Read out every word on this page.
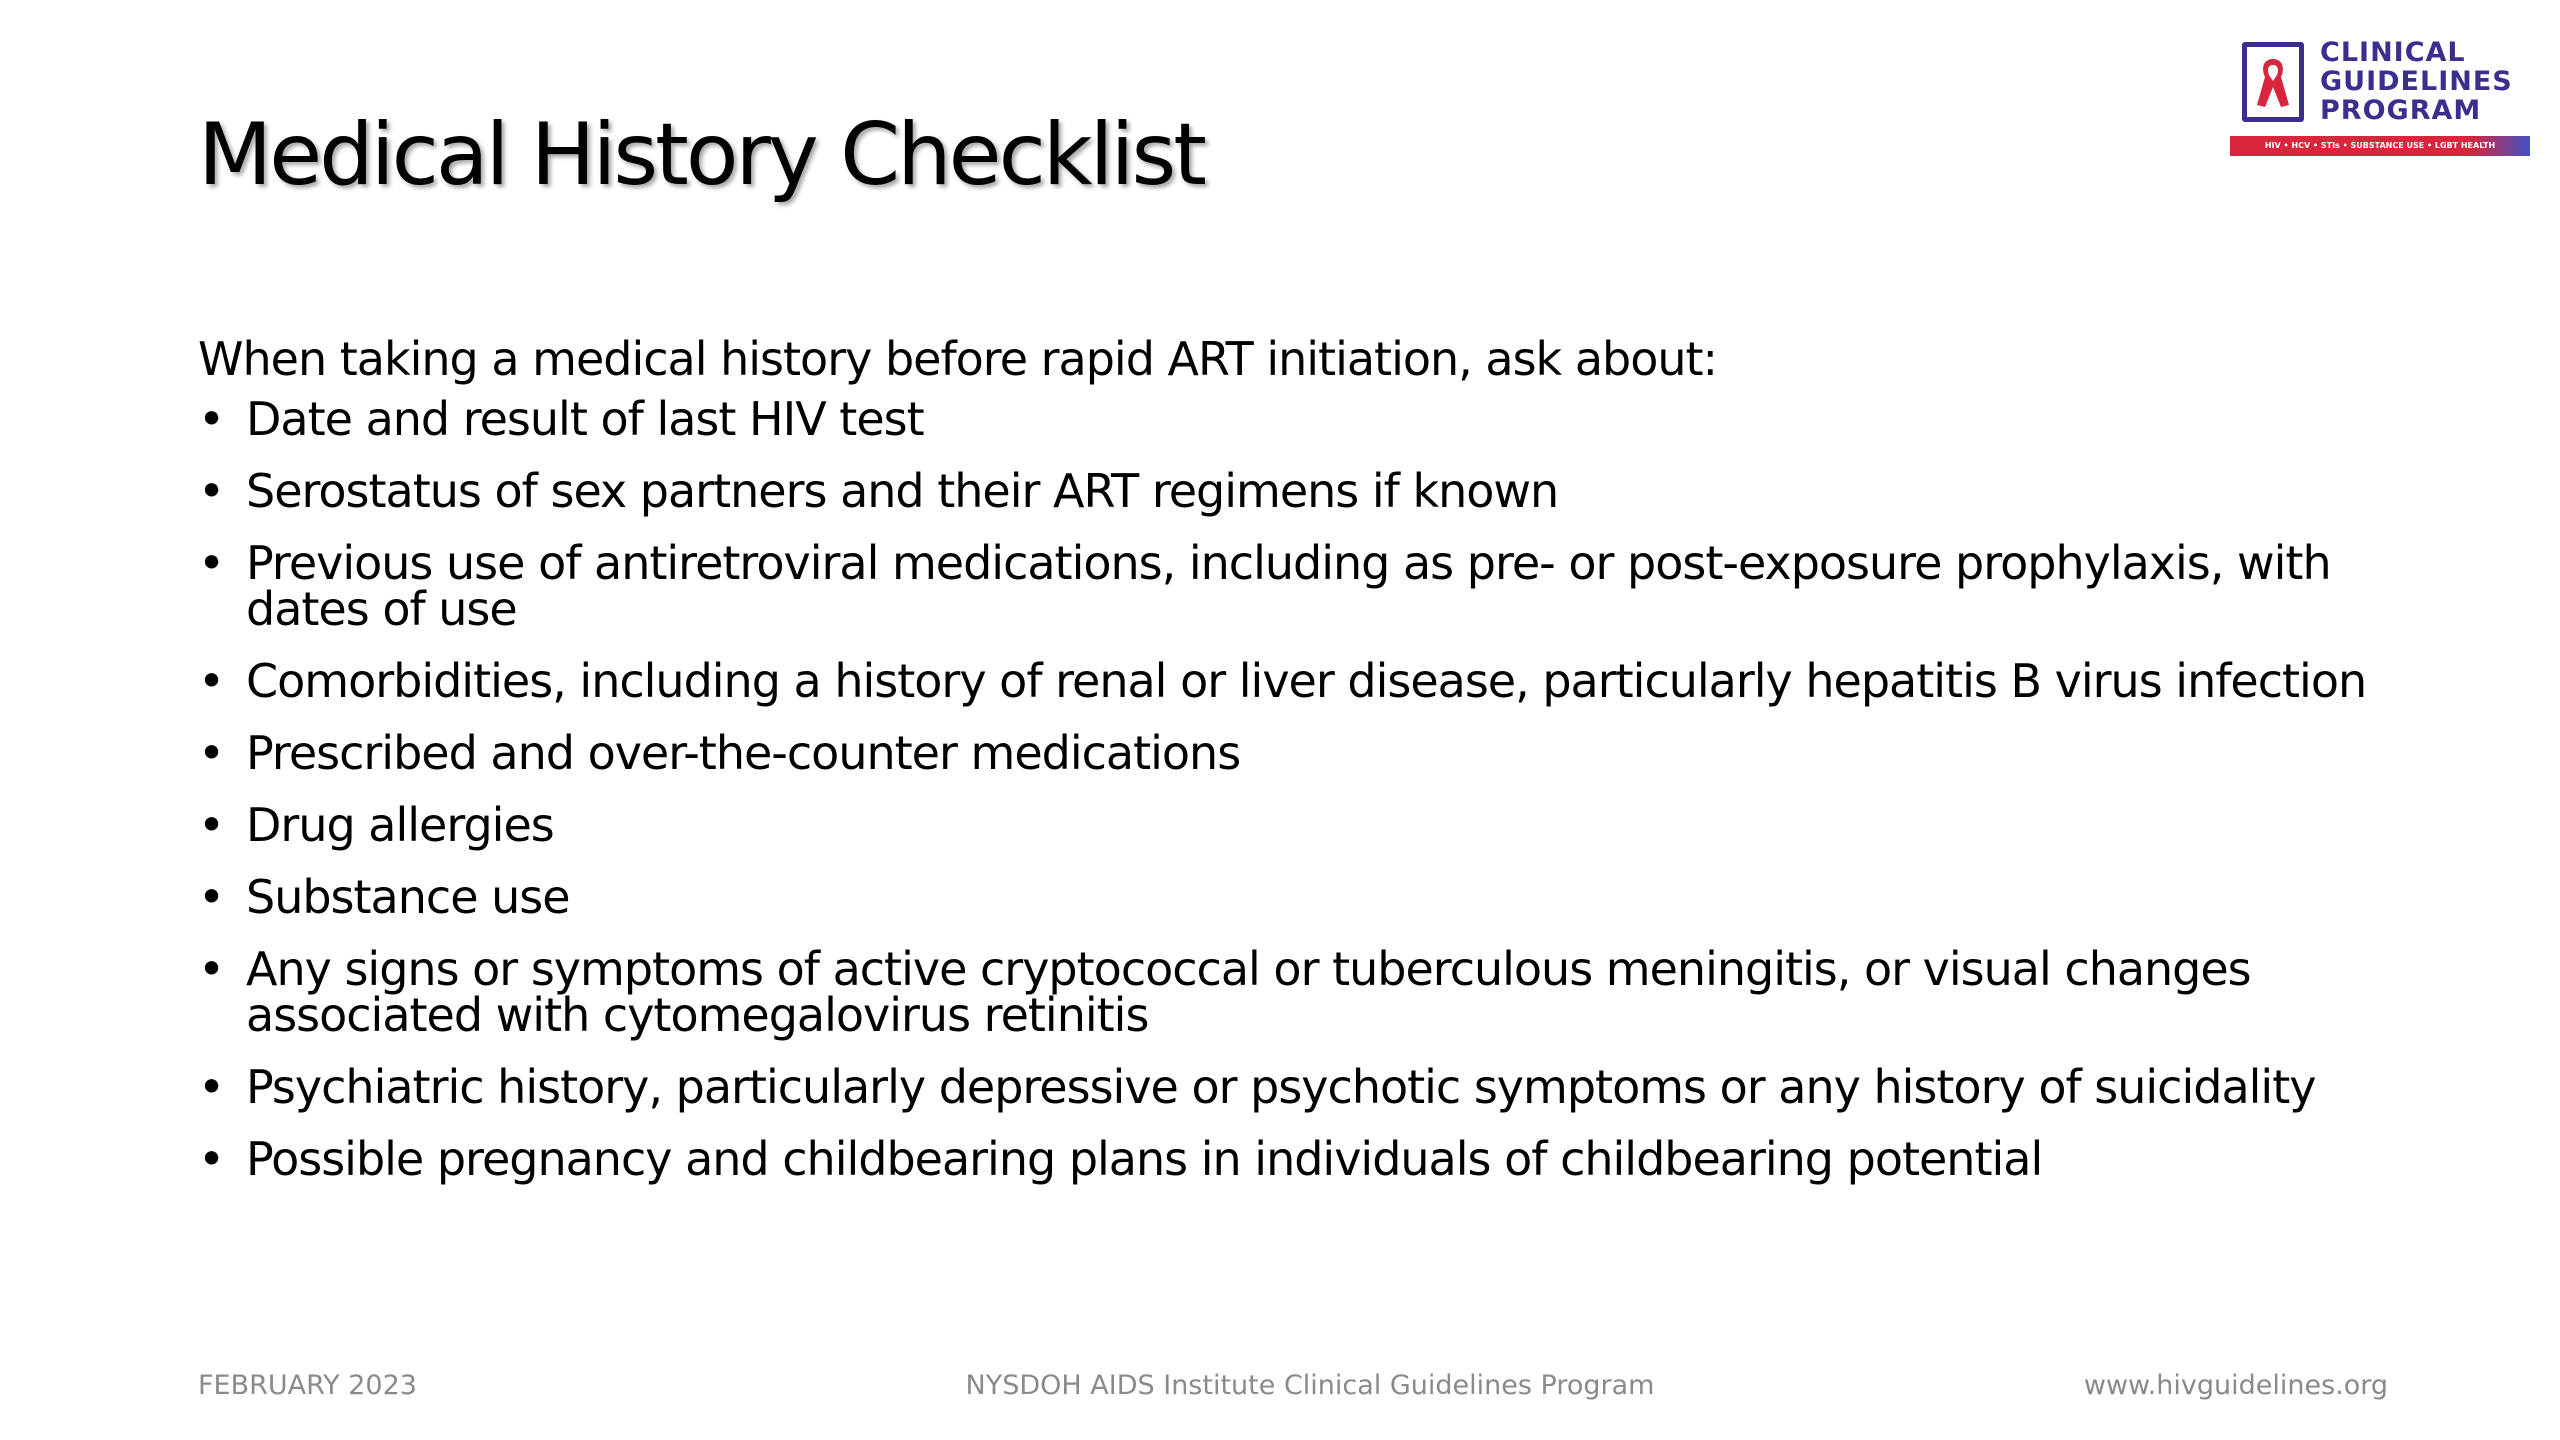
Medical History Checklist
CLINICAL
GUIDELINES
PROGRAM
HIV • HCV • STIs • SUBSTANCE USE • LGBT HEALTH

When taking a medical history before rapid ART initiation, ask about:

• Date and result of last HIV test
• Serostatus of sex partners and their ART regimens if known
• Previous use of antiretroviral medications, including as pre- or post-exposure prophylaxis, with dates of use
• Comorbidities, including a history of renal or liver disease, particularly hepatitis B virus infection
• Prescribed and over-the-counter medications
• Drug allergies
• Substance use
• Any signs or symptoms of active cryptococcal or tuberculous meningitis, or visual changes associated with cytomegalovirus retinitis
• Psychiatric history, particularly depressive or psychotic symptoms or any history of suicidality
• Possible pregnancy and childbearing plans in individuals of childbearing potential
FEBRUARY 2023	NYSDOH AIDS Institute Clinical Guidelines Program	www.hivguidelines.org
